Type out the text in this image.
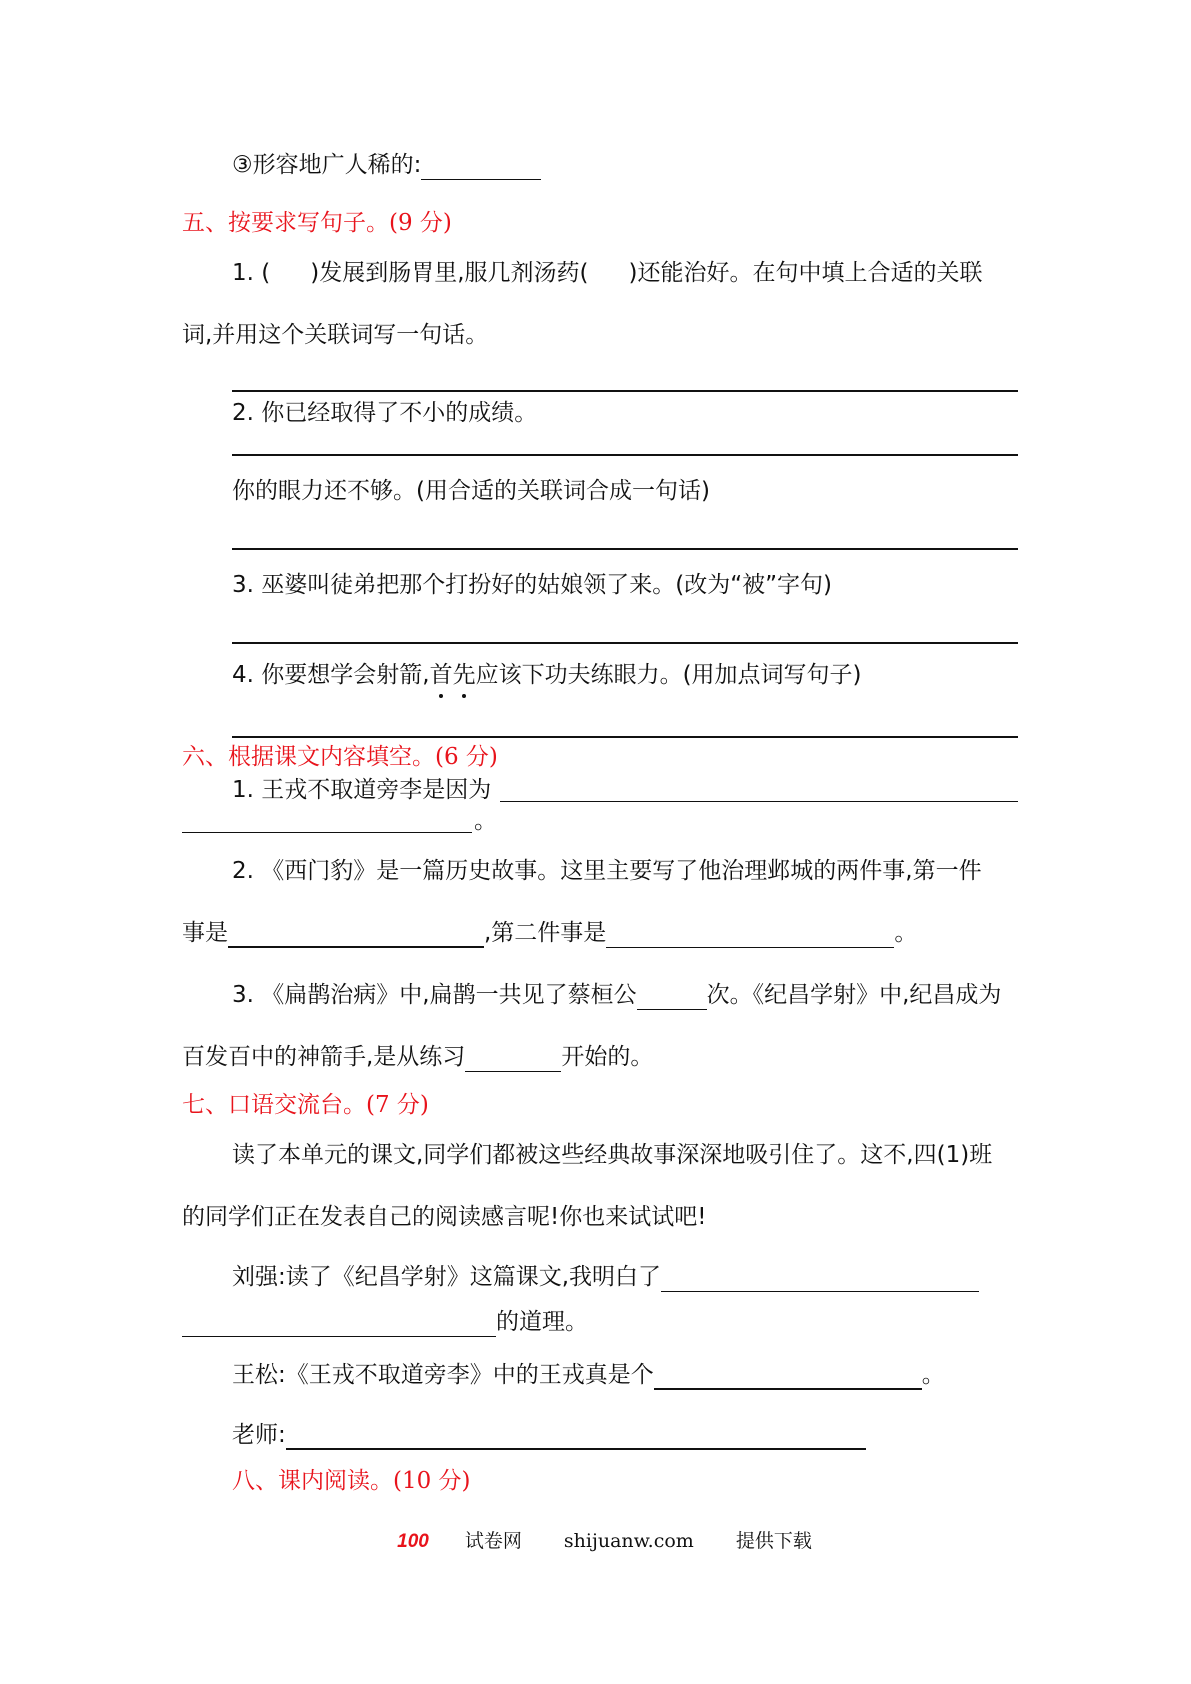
③形容地广人稀的:
五、按要求写句子。(9 分)
1. ( )发展到肠胃里,服几剂汤药( )还能治好。在句中填上合适的关联
词,并用这个关联词写一句话。
2. 你已经取得了不小的成绩。
你的眼力还不够。(用合适的关联词合成一句话)
3. 巫婆叫徒弟把那个打扮好的姑娘领了来。(改为“被”字句)
4. 你要想学会射箭,首先应该下功夫练眼力。(用加点词写句子)
六、根据课文内容填空。(6 分)
1. 王戎不取道旁李是因为
。
2. 《西门豹》是一篇历史故事。这里主要写了他治理邺城的两件事,第一件
事是	,第二件事是	。
3. 《扁鹊治病》中,扁鹊一共见了蔡桓公	次。《纪昌学射》中,纪昌成为
百发百中的神箭手,是从练习	开始的。
七、口语交流台。(7 分)
读了本单元的课文,同学们都被这些经典故事深深地吸引住了。这不,四(1)班
的同学们正在发表自己的阅读感言呢!你也来试试吧!
刘强:读了《纪昌学射》这篇课文,我明白了
的道理。
王松:《王戎不取道旁李》中的王戎真是个	。
老师:
八、课内阅读。(10 分)
100 试卷网 shijuanw.com 提供下载
